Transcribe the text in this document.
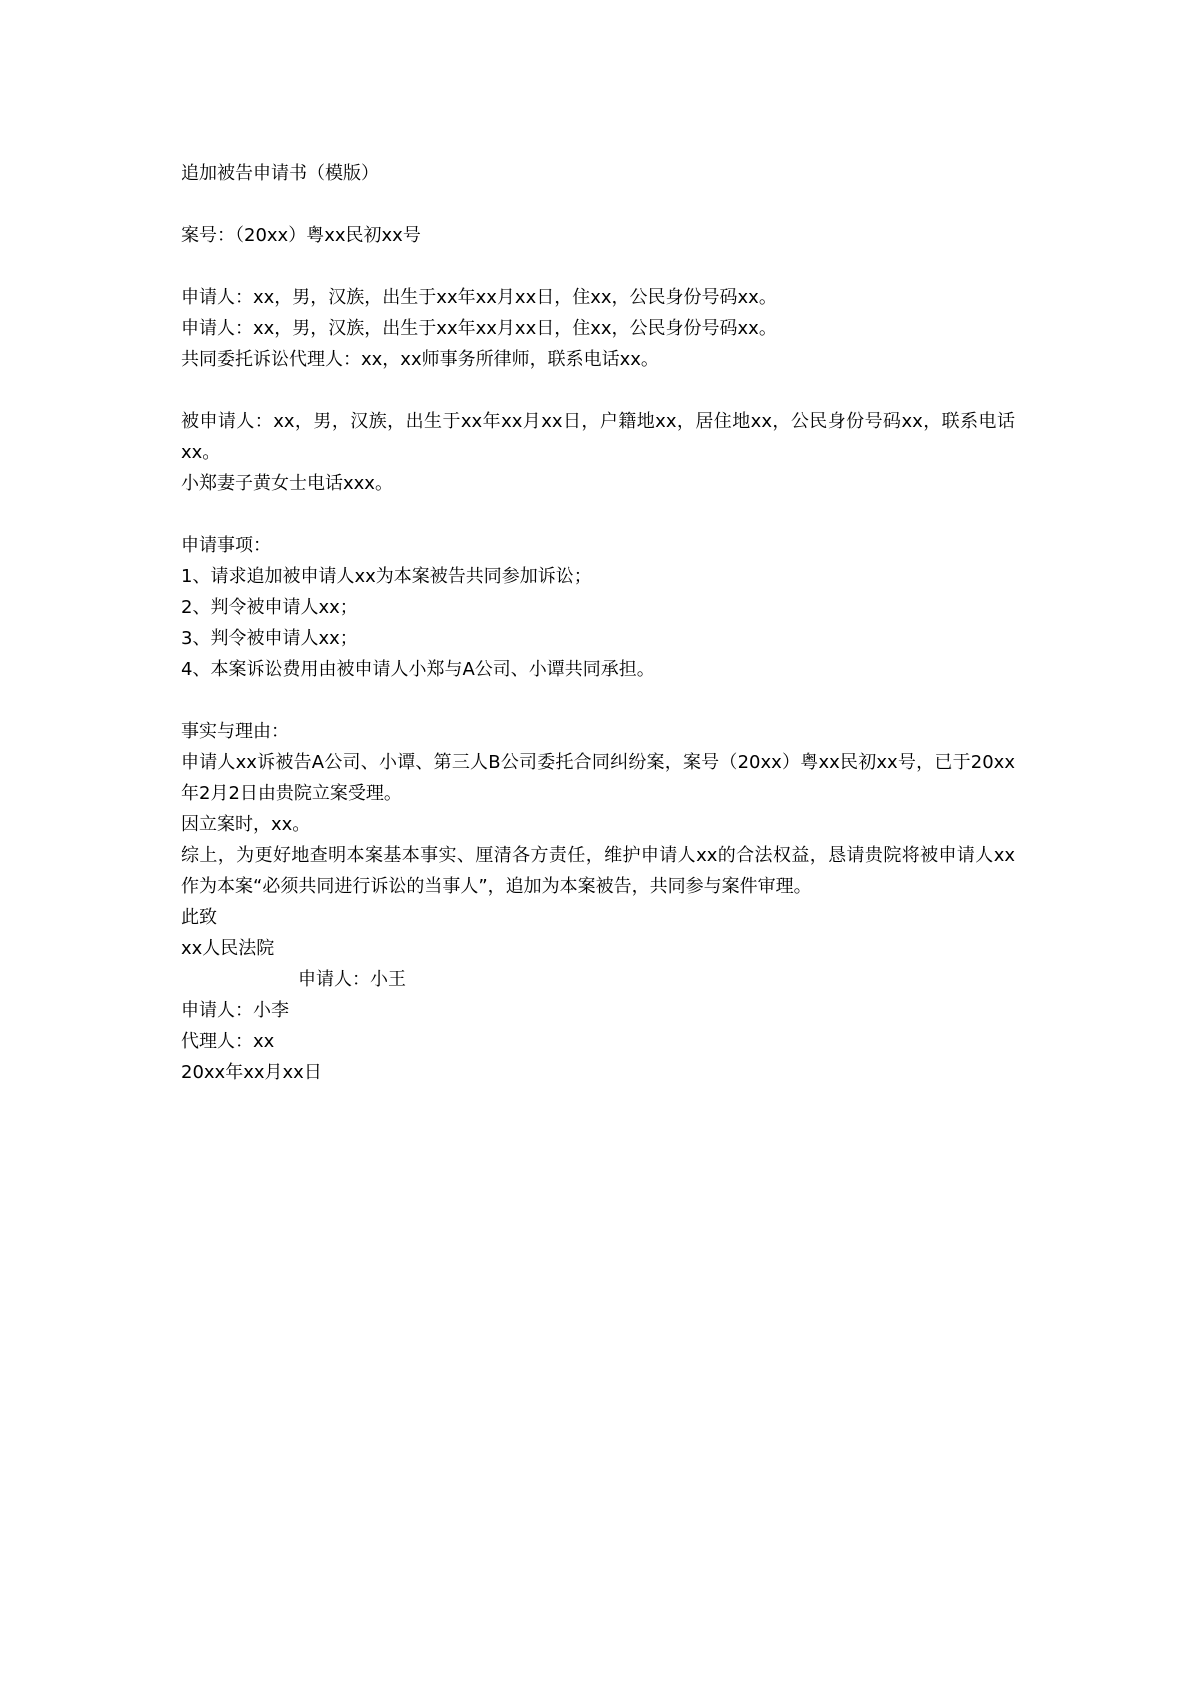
追加被告申请书（模版）
案号：（20xx）粤xx民初xx号
申请人：xx，男，汉族，出生于xx年xx月xx日，住xx，公民身份号码xx。
申请人：xx，男，汉族，出生于xx年xx月xx日，住xx，公民身份号码xx。
共同委托诉讼代理人：xx，xx师事务所律师，联系电话xx。
被申请人：xx，男，汉族，出生于xx年xx月xx日，户籍地xx，居住地xx，公民身份号码xx，联系电话xx。
小郑妻子黄女士电话xxx。
申请事项：
1、请求追加被申请人xx为本案被告共同参加诉讼；
2、判令被申请人xx；
3、判令被申请人xx；
4、本案诉讼费用由被申请人小郑与A公司、小谭共同承担。
事实与理由：
申请人xx诉被告A公司、小谭、第三人B公司委托合同纠纷案，案号（20xx）粤xx民初xx号，已于20xx年2月2日由贵院立案受理。
因立案时，xx。
综上，为更好地查明本案基本事实、厘清各方责任，维护申请人xx的合法权益，恳请贵院将被申请人xx作为本案“必须共同进行诉讼的当事人”，追加为本案被告，共同参与案件审理。
此致
xx人民法院
申请人：小王
申请人：小李
代理人：xx
20xx年xx月xx日
